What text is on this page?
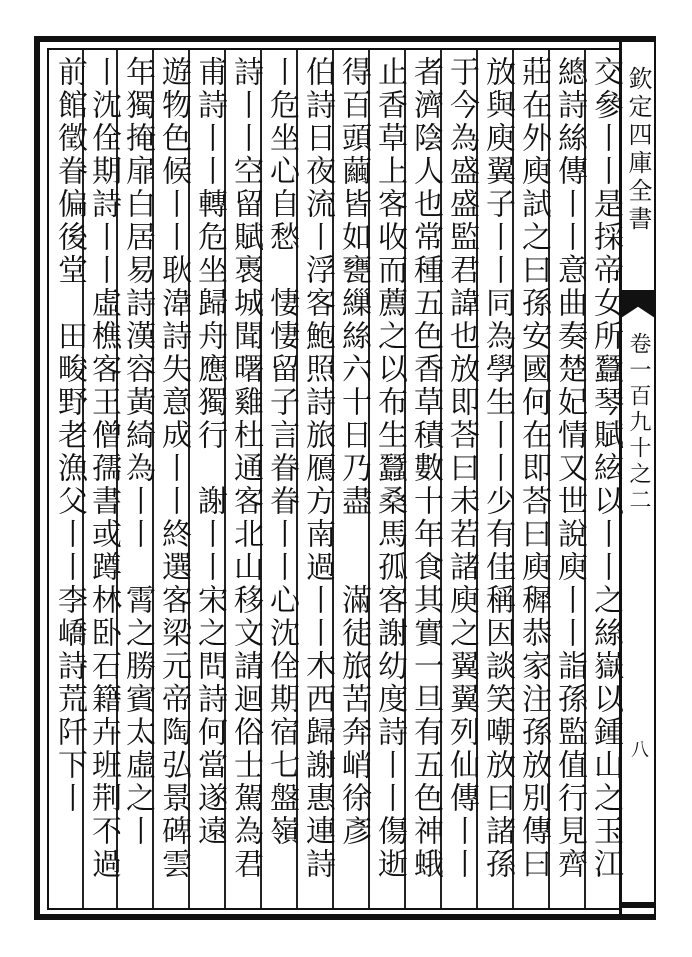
欽定四庫全書
卷一百九十之二
八
交參丨丨是採帝女所蠶琴賦絃以丨丨之絲嶽以鍾山之玉江
總詩絲傳丨丨意曲奏楚妃情又世說庾丨丨詣孫監值行見齊
莊在外庾試之曰孫安國何在即荅曰庾穉恭家注孫放別傳曰
放與庾翼子丨丨同為學生丨丨少有佳稱因談笑嘲放曰諸孫
于今為盛盛監君諱也放即荅曰未若諸庾之翼翼列仙傳丨丨
者濟陰人也常種五色香草積數十年食其實一旦有五色神蛾
止香草上客收而薦之以布生蠶桑馬孤客謝幼度詩丨丨傷逝
得百頭繭皆如甕繅絲六十日乃盡　　滿徒旅苦奔峭徐彥
伯詩日夜流丨浮客鮑照詩旅鴈方南過丨丨木西歸謝惠連詩
丨危坐心自愁　悽悽留子言眷眷丨丨心沈佺期宿七盤嶺
詩丨丨空留賦褭城聞曙雞杜通客北山移文請迴俗士駕為君
甫詩丨丨轉危坐歸舟應獨行　謝丨丨宋之問詩何當遂遠
遊物色候丨丨耿湋詩失意成丨丨終選客梁元帝陶弘景碑雲
年獨掩扉白居易詩漢容黃綺為丨丨　霄之勝賓太虛之丨
丨沈佺期詩丨丨虛樵客王僧孺書或蹲林卧石籍卉班荆不過
前館徵眷偏後堂　田畯野老漁父丨丨李嶠詩荒阡下丨
